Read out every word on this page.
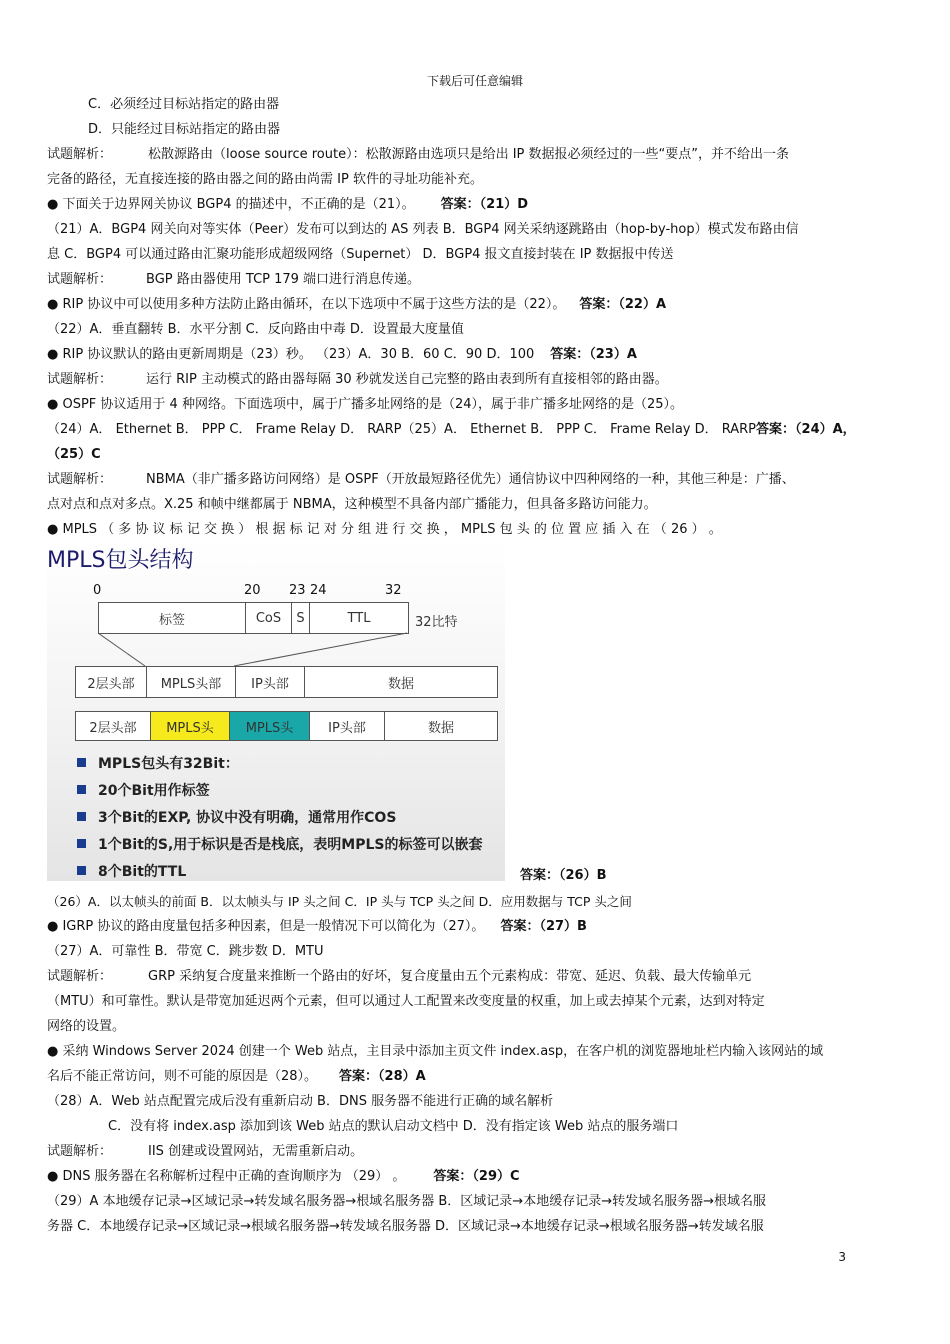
下载后可任意编辑
C．必须经过目标站指定的路由器
D．只能经过目标站指定的路由器
试题解析：	松散源路由（loose source route）：松散源路由选项只是给出 IP 数据报必须经过的一些“要点”，并不给出一条
完备的路径，无直接连接的路由器之间的路由尚需 IP 软件的寻址功能补充。
● 下面关于边界网关协议 BGP4 的描述中，不正确的是（21）。 答案：（21）D
（21）A．BGP4 网关向对等实体（Peer）发布可以到达的 AS 列表 B．BGP4 网关采纳逐跳路由（hop-by-hop）模式发布路由信
息 C．BGP4 可以通过路由汇聚功能形成超级网络（Supernet） D．BGP4 报文直接封装在 IP 数据报中传送
试题解析：	BGP 路由器使用 TCP 179 端口进行消息传递。
● RIP 协议中可以使用多种方法防止路由循环，在以下选项中不属于这些方法的是（22）。 答案：（22）A
（22）A．垂直翻转 B．水平分割 C．反向路由中毒 D．设置最大度量值
● RIP 协议默认的路由更新周期是（23）秒。 （23）A．30 B．60 C．90 D．100 答案：（23）A
试题解析：	运行 RIP 主动模式的路由器每隔 30 秒就发送自己完整的路由表到所有直接相邻的路由器。
● OSPF 协议适用于 4 种网络。下面选项中，属于广播多址网络的是（24），属于非广播多址网络的是（25）。
（24）A． Ethernet B． PPP C． Frame Relay D． RARP（25）A． Ethernet B． PPP C． Frame Relay D． RARP答案：（24）A，
（25）C
试题解析：	NBMA（非广播多路访问网络）是 OSPF（开放最短路径优先）通信协议中四种网络的一种，其他三种是：广播、
点对点和点对多点。X.25 和帧中继都属于 NBMA，这种模型不具备内部广播能力，但具备多路访问能力。
● MPLS （ 多 协 议 标 记 交 换 ） 根 据 标 记 对 分 组 进 行 交 换 ， MPLS 包 头 的 位 置 应 插 入 在 （ 26 ） 。
MPLS包头结构
0	20 23 24	32
标签	CoS	S	TTL	32比特
2层头部	MPLS头部	IP头部	数据
2层头部	MPLS头	MPLS头	IP头部	数据
MPLS包头有32Bit：
20个Bit用作标签
3个Bit的EXP, 协议中没有明确，通常用作COS
1个Bit的S,用于标识是否是栈底，表明MPLS的标签可以嵌套
8个Bit的TTL	答案：（26）B
（26）A．以太帧头的前面 B．以太帧头与 IP 头之间 C．IP 头与 TCP 头之间 D．应用数据与 TCP 头之间
● IGRP 协议的路由度量包括多种因素，但是一般情况下可以简化为（27）。 答案：（27）B
（27）A．可靠性 B．带宽 C．跳步数 D．MTU
试题解析：	GRP 采纳复合度量来推断一个路由的好坏，复合度量由五个元素构成：带宽、延迟、负载、最大传输单元
（MTU）和可靠性。默认是带宽加延迟两个元素，但可以通过人工配置来改变度量的权重，加上或去掉某个元素，达到对特定
网络的设置。
● 采纳 Windows Server 2024 创建一个 Web 站点，主目录中添加主页文件 index.asp，在客户机的浏览器地址栏内输入该网站的域
名后不能正常访问，则不可能的原因是（28）。 答案：（28）A
（28）A．Web 站点配置完成后没有重新启动 B．DNS 服务器不能进行正确的域名解析
C．没有将 index.asp 添加到该 Web 站点的默认启动文档中 D．没有指定该 Web 站点的服务端口
试题解析：	IIS 创建或设置网站，无需重新启动。
● DNS 服务器在名称解析过程中正确的查询顺序为 （29） 。 答案：（29）C
（29）A 本地缓存记录→区域记录→转发域名服务器→根域名服务器 B．区域记录→本地缓存记录→转发域名服务器→根域名服
务器 C．本地缓存记录→区域记录→根域名服务器→转发域名服务器 D．区域记录→本地缓存记录→根域名服务器→转发域名服
3
